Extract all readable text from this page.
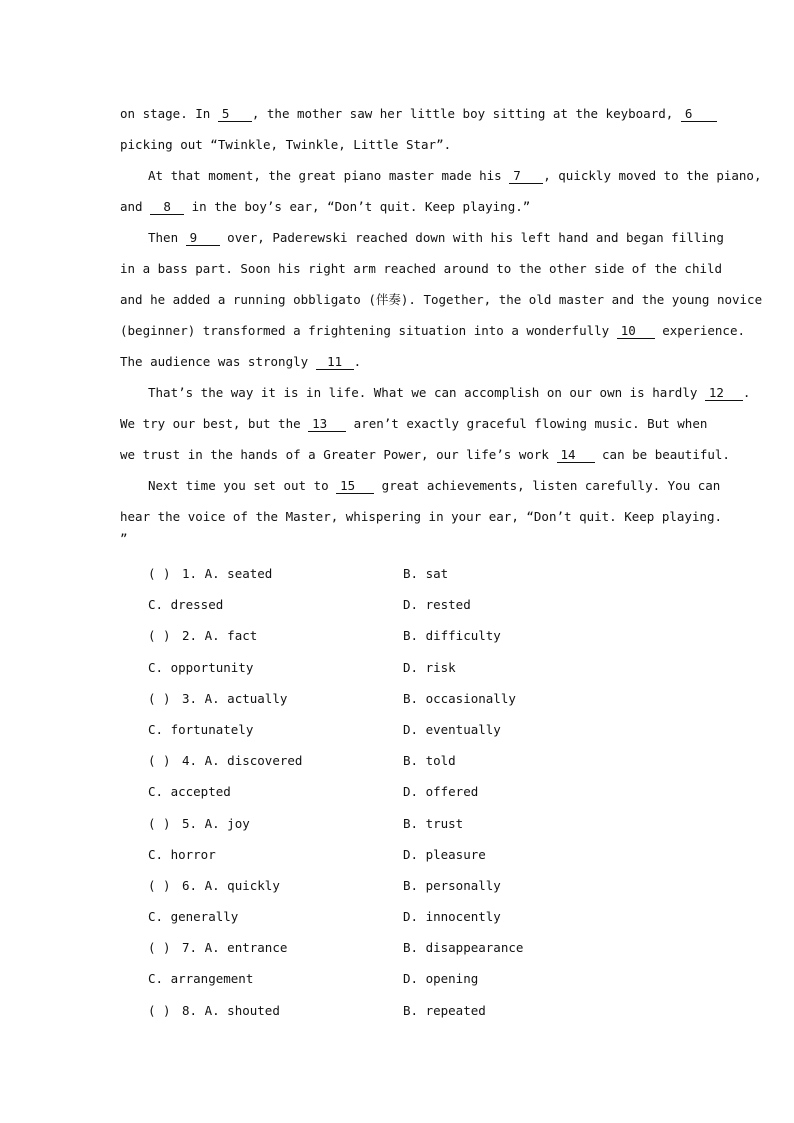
on stage. In 5 , the mother saw her little boy sitting at the keyboard, 6
picking out “Twinkle, Twinkle, Little Star”.
At that moment, the great piano master made his 7 , quickly moved to the piano,
and 8 in the boy’s ear, “Don’t quit. Keep playing.”
Then 9 over, Paderewski reached down with his left hand and began filling
in a bass part. Soon his right arm reached around to the other side of the child
and he added a running obbligato (伴奏). Together, the old master and the young novice
(beginner) transformed a frightening situation into a wonderfully 10 experience.
The audience was strongly 11 .
That’s the way it is in life. What we can accomplish on our own is hardly 12 .
We try our best, but the 13 aren’t exactly graceful flowing music. But when
we trust in the hands of a Greater Power, our life’s work 14 can be beautiful.
Next time you set out to 15 great achievements, listen carefully. You can
hear the voice of the Master, whispering in your ear, “Don’t quit. Keep playing.
”
( ) 1. A. seated	B. sat
C. dressed	D. rested
( ) 2. A. fact	B. difficulty
C. opportunity	D. risk
( ) 3. A. actually	B. occasionally
C. fortunately	D. eventually
( ) 4. A. discovered	B. told
C. accepted	D. offered
( ) 5. A. joy	B. trust
C. horror	D. pleasure
( ) 6. A. quickly	B. personally
C. generally	D. innocently
( ) 7. A. entrance	B. disappearance
C. arrangement	D. opening
( ) 8. A. shouted	B. repeated
